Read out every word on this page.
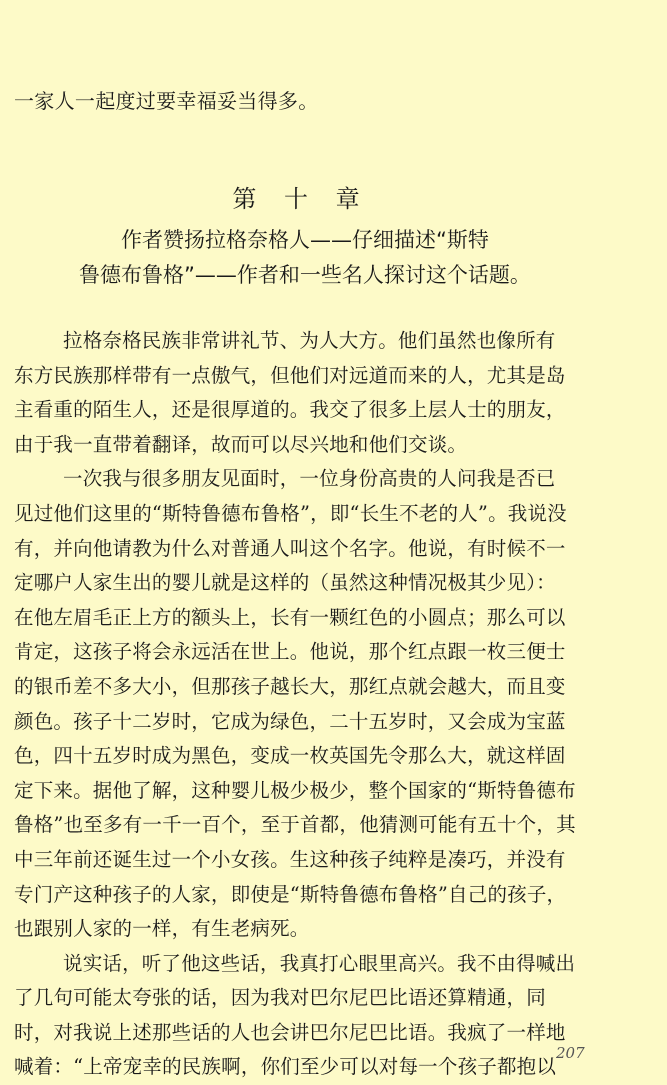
一家人一起度过要幸福妥当得多。
第 十 章
作者赞扬拉格奈格人——仔细描述“斯特
鲁德布鲁格”——作者和一些名人探讨这个话题。
拉格奈格民族非常讲礼节、为人大方。他们虽然也像所有
东方民族那样带有一点傲气，但他们对远道而来的人，尤其是岛
主看重的陌生人，还是很厚道的。我交了很多上层人士的朋友，
由于我一直带着翻译，故而可以尽兴地和他们交谈。
一次我与很多朋友见面时，一位身份高贵的人问我是否已
见过他们这里的“斯特鲁德布鲁格”，即“长生不老的人”。我说没
有，并向他请教为什么对普通人叫这个名字。他说，有时候不一
定哪户人家生出的婴儿就是这样的（虽然这种情况极其少见）：
在他左眉毛正上方的额头上，长有一颗红色的小圆点；那么可以
肯定，这孩子将会永远活在世上。他说，那个红点跟一枚三便士
的银币差不多大小，但那孩子越长大，那红点就会越大，而且变
颜色。孩子十二岁时，它成为绿色，二十五岁时，又会成为宝蓝
色，四十五岁时成为黑色，变成一枚英国先令那么大，就这样固
定下来。据他了解，这种婴儿极少极少，整个国家的“斯特鲁德布
鲁格”也至多有一千一百个，至于首都，他猜测可能有五十个，其
中三年前还诞生过一个小女孩。生这种孩子纯粹是凑巧，并没有
专门产这种孩子的人家，即使是“斯特鲁德布鲁格”自己的孩子，
也跟别人家的一样，有生老病死。
说实话，听了他这些话，我真打心眼里高兴。我不由得喊出
了几句可能太夸张的话，因为我对巴尔尼巴比语还算精通，同
时，对我说上述那些话的人也会讲巴尔尼巴比语。我疯了一样地
喊着：“上帝宠幸的民族啊，你们至少可以对每一个孩子都抱以
207
